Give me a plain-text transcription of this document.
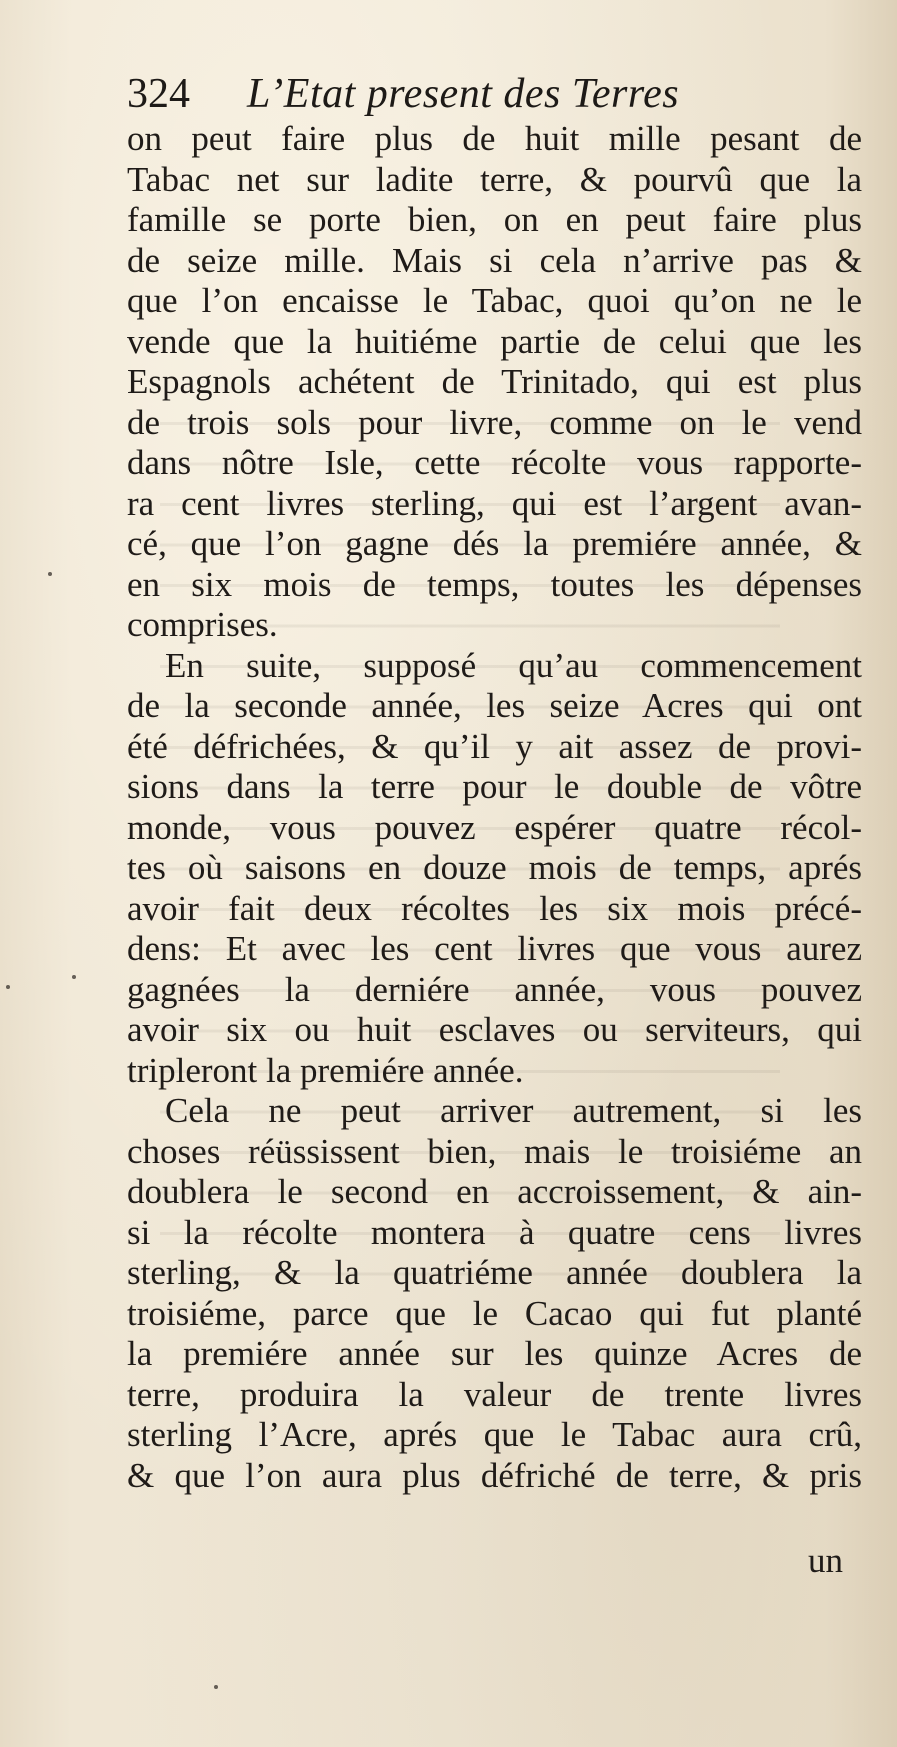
324 L’Etat present des Terres
on peut faire plus de huit mille pesant de
Tabac net sur ladite terre, & pourvû que la
famille se porte bien, on en peut faire plus
de seize mille. Mais si cela n’arrive pas &
que l’on encaisse le Tabac, quoi qu’on ne le
vende que la huitiéme partie de celui que les
Espagnols achétent de Trinitado, qui est plus
de trois sols pour livre, comme on le vend
dans nôtre Isle, cette récolte vous rapporte-
ra cent livres sterling, qui est l’argent avan-
cé, que l’on gagne dés la premiére année, &
en six mois de temps, toutes les dépenses
comprises.
En suite, supposé qu’au commencement
de la seconde année, les seize Acres qui ont
été défrichées, & qu’il y ait assez de provi-
sions dans la terre pour le double de vôtre
monde, vous pouvez espérer quatre récol-
tes où saisons en douze mois de temps, aprés
avoir fait deux récoltes les six mois précé-
dens: Et avec les cent livres que vous aurez
gagnées la derniére année, vous pouvez
avoir six ou huit esclaves ou serviteurs, qui
tripleront la premiére année.
Cela ne peut arriver autrement, si les
choses réüssissent bien, mais le troisiéme an
doublera le second en accroissement, & ain-
si la récolte montera à quatre cens livres
sterling, & la quatriéme année doublera la
troisiéme, parce que le Cacao qui fut planté
la premiére année sur les quinze Acres de
terre, produira la valeur de trente livres
sterling l’Acre, aprés que le Tabac aura crû,
& que l’on aura plus défriché de terre, & pris
un
